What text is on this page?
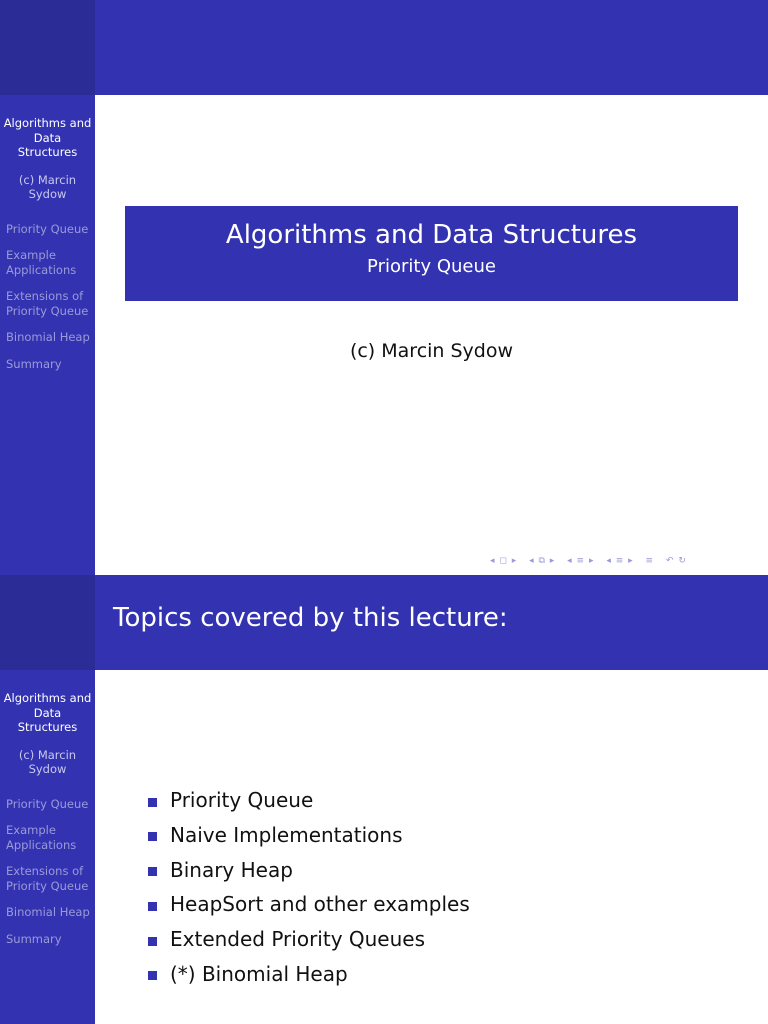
Algorithms and Data Structures
(c) Marcin Sydow
Priority Queue
Example Applications
Extensions of Priority Queue
Binomial Heap
Summary
Algorithms and Data Structures
Priority Queue
(c) Marcin Sydow
◂ ◻ ▸ ◂ ⧉ ▸ ◂ ≡ ▸ ◂ ≡ ▸ ≡ ↶ ↻
Topics covered by this lecture:
Algorithms and Data Structures
(c) Marcin Sydow
Priority Queue
Example Applications
Extensions of Priority Queue
Binomial Heap
Summary
Priority Queue
Naive Implementations
Binary Heap
HeapSort and other examples
Extended Priority Queues
(*) Binomial Heap
